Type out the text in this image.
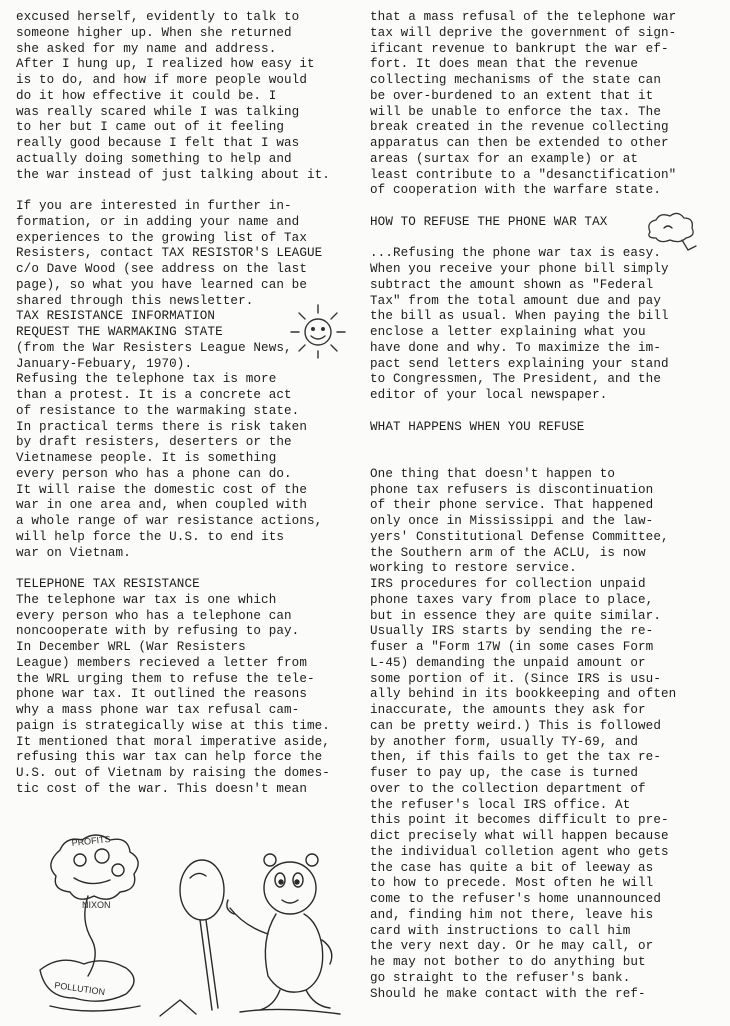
excused herself, evidently to talk to
someone higher up. When she returned
she asked for my name and address.
After I hung up, I realized how easy it
is to do, and how if more people would
do it how effective it could be. I
was really scared while I was talking
to her but I came out of it feeling
really good because I felt that I was
actually doing something to help and
the war instead of just talking about it.

If you are interested in further in-
formation, or in adding your name and
experiences to the growing list of Tax
Resisters, contact TAX RESISTOR'S LEAGUE
c/o Dave Wood (see address on the last
page), so what you have learned can be
shared through this newsletter.
TAX RESISTANCE INFORMATION
REQUEST THE WARMAKING STATE
(from the War Resisters League News,
January-Febuary, 1970).
Refusing the telephone tax is more
than a protest. It is a concrete act
of resistance to the warmaking state.
In practical terms there is risk taken
by draft resisters, deserters or the
Vietnamese people. It is something
every person who has a phone can do.
It will raise the domestic cost of the
war in one area and, when coupled with
a whole range of war resistance actions,
will help force the U.S. to end its
war on Vietnam.

TELEPHONE TAX RESISTANCE
The telephone war tax is one which
every person who has a telephone can
noncooperate with by refusing to pay.
In December WRL (War Resisters
League) members recieved a letter from
the WRL urging them to refuse the tele-
phone war tax. It outlined the reasons
why a mass phone war tax refusal cam-
paign is strategically wise at this time.
It mentioned that moral imperative aside,
refusing this war tax can help force the
U.S. out of Vietnam by raising the domes-
tic cost of the war. This doesn't mean
that a mass refusal of the telephone war
tax will deprive the government of sign-
ificant revenue to bankrupt the war ef-
fort. It does mean that the revenue
collecting mechanisms of the state can
be over-burdened to an extent that it
will be unable to enforce the tax. The
break created in the revenue collecting
apparatus can then be extended to other
areas (surtax for an example) or at
least contribute to a "desanctification"
of cooperation with the warfare state.

HOW TO REFUSE THE PHONE WAR TAX

...Refusing the phone war tax is easy.
When you receive your phone bill simply
subtract the amount shown as "Federal
Tax" from the total amount due and pay
the bill as usual. When paying the bill
enclose a letter explaining what you
have done and why. To maximize the im-
pact send letters explaining your stand
to Congressmen, The President, and the
editor of your local newspaper.

WHAT HAPPENS WHEN YOU REFUSE

One thing that doesn't happen to
phone tax refusers is discontinuation
of their phone service. That happened
only once in Mississippi and the law-
yers' Constitutional Defense Committee,
the Southern arm of the ACLU, is now
working to restore service.
IRS procedures for collection unpaid
phone taxes vary from place to place,
but in essence they are quite similar.
Usually IRS starts by sending the re-
fuser a "Form 17W (in some cases Form
L-45) demanding the unpaid amount or
some portion of it. (Since IRS is usu-
ally behind in its bookkeeping and often
inaccurate, the amounts they ask for
can be pretty weird.) This is followed
by another form, usually TY-69, and
then, if this fails to get the tax re-
fuser to pay up, the case is turned
over to the collection department of
the refuser's local IRS office. At
this point it becomes difficult to pre-
dict precisely what will happen because
the individual colletion agent who gets
the case has quite a bit of leeway as
to how to precede. Most often he will
come to the refuser's home unannounced
and, finding him not there, leave his
card with instructions to call him
the very next day. Or he may call, or
he may not bother to do anything but
go straight to the refuser's bank.
Should he make contact with the ref-
PROFITS
NIXON
POLLUTION
